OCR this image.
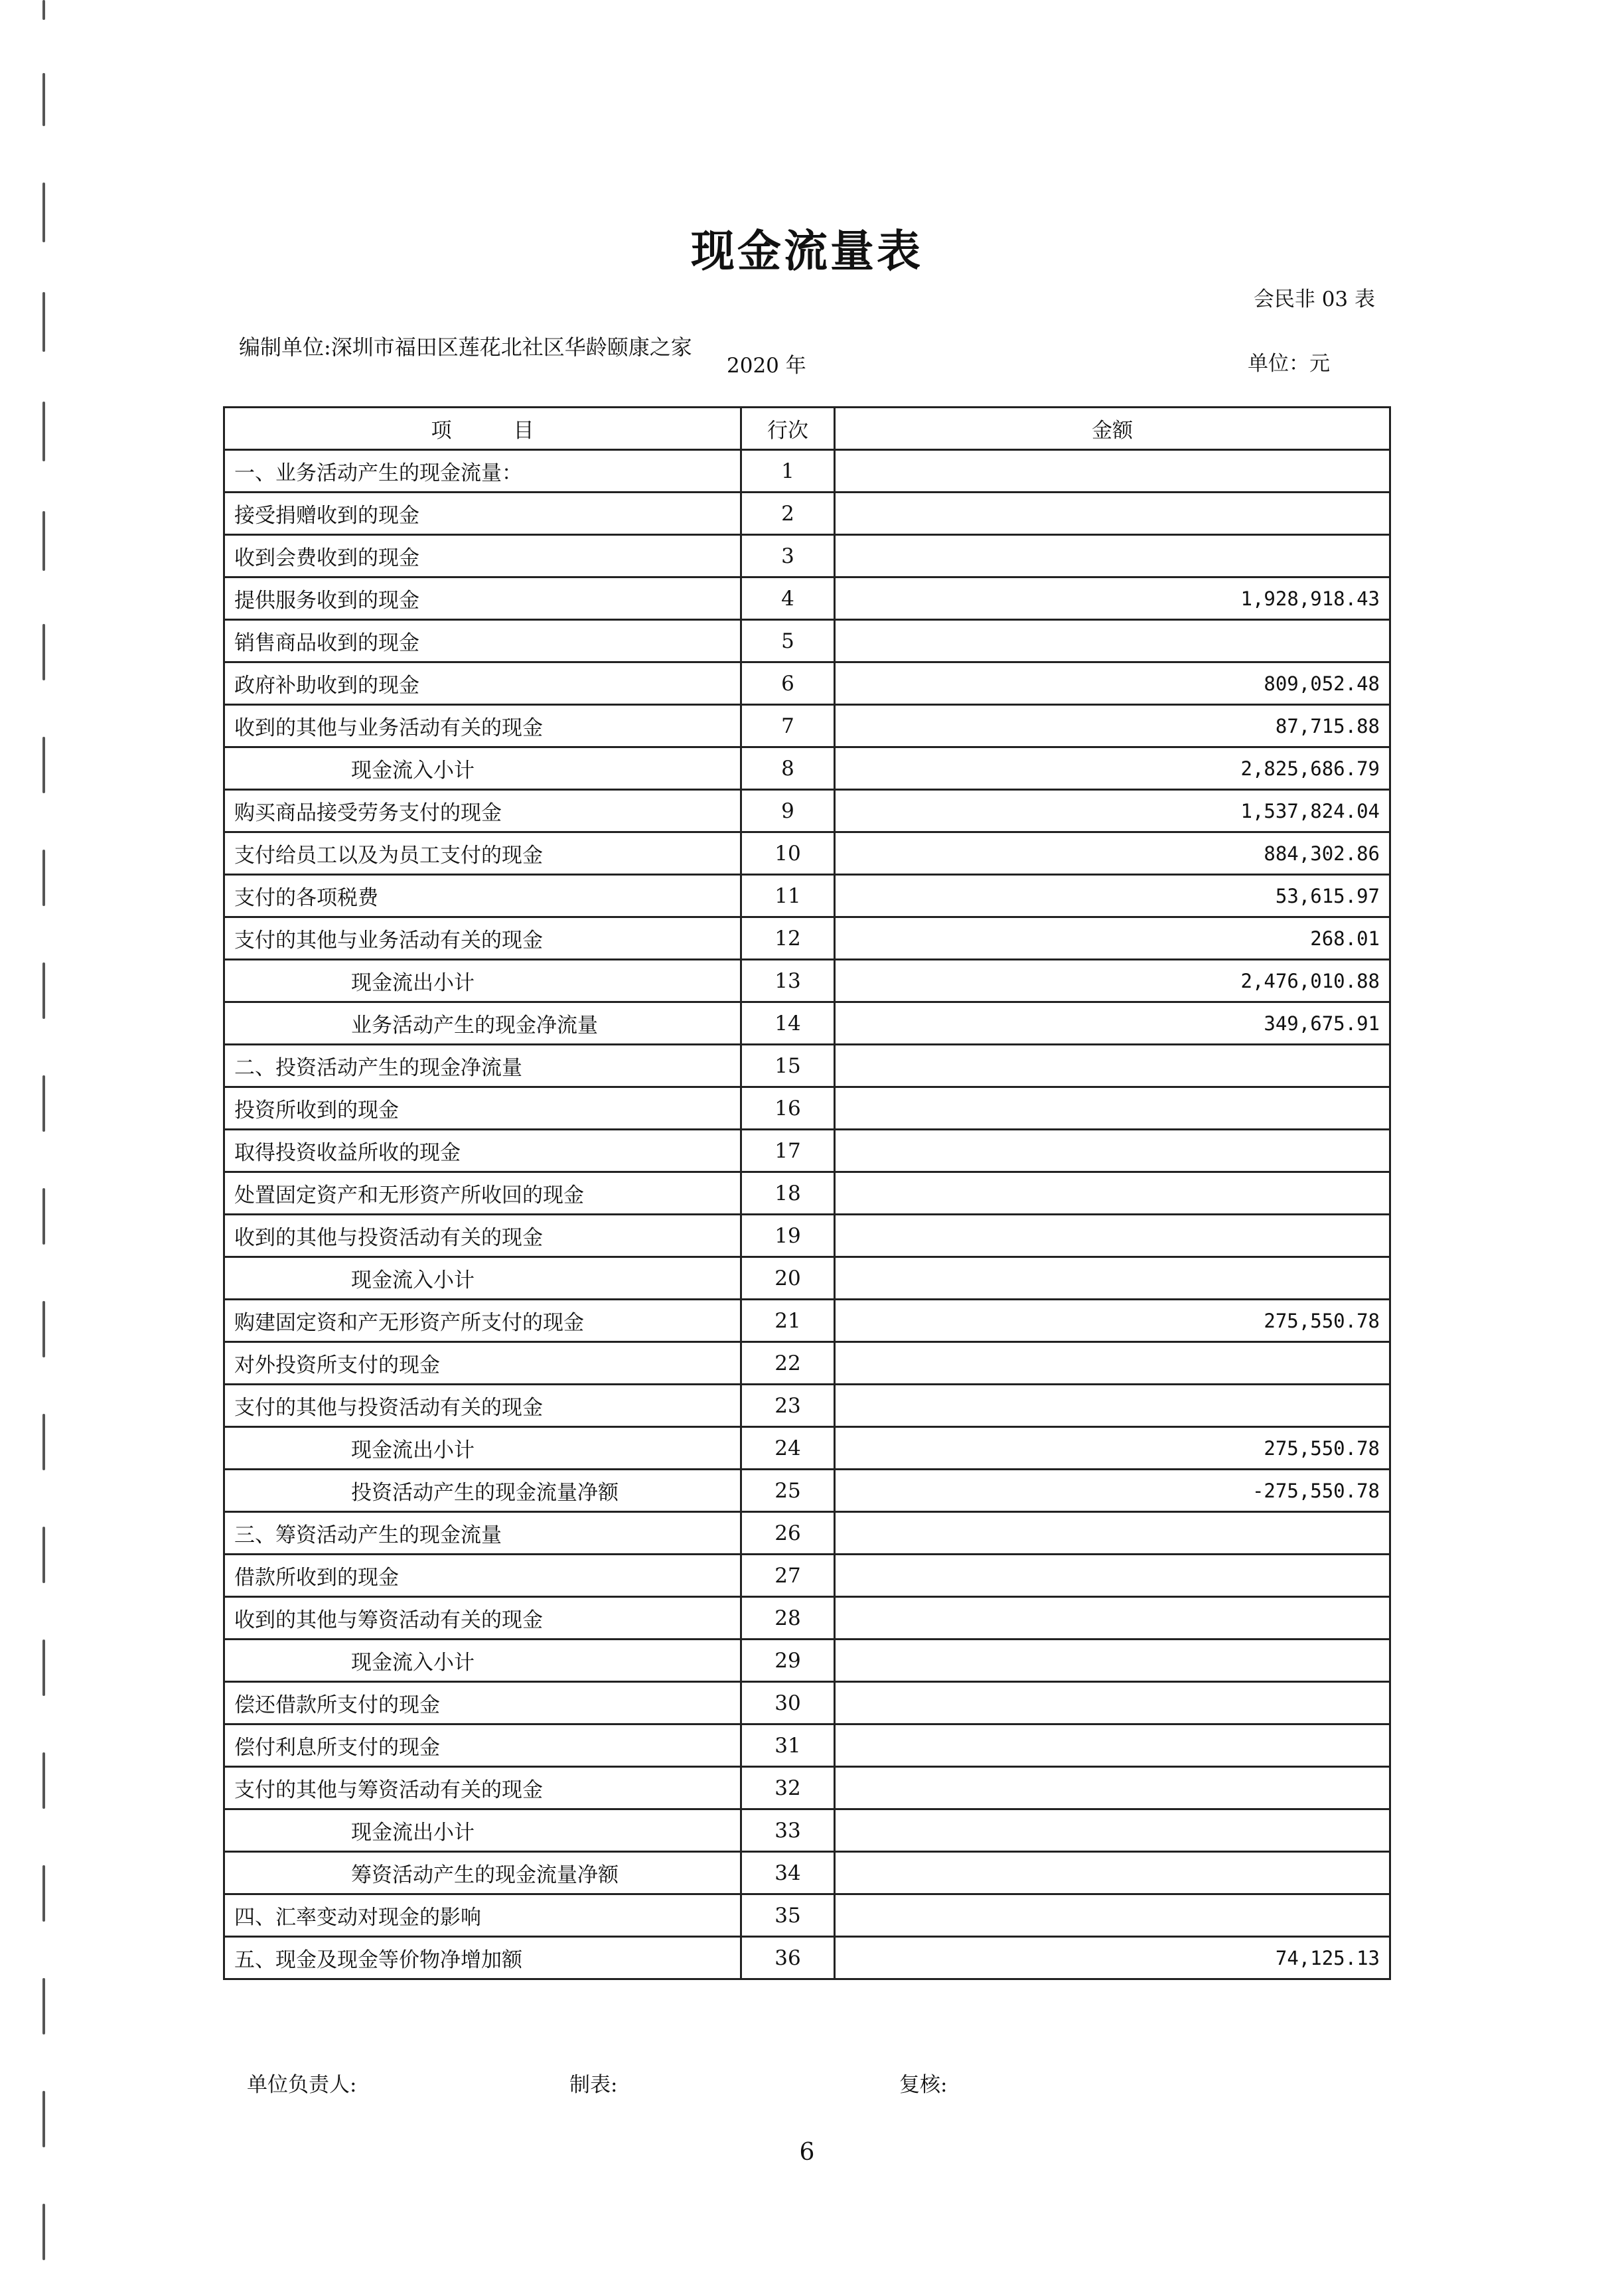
现金流量表
会民非 03 表
编制单位:深圳市福田区莲花北社区华龄颐康之家
2020 年	单位：元
项　　　目	行次	金额
一、业务活动产生的现金流量：	1	
接受捐赠收到的现金	2	
收到会费收到的现金	3	
提供服务收到的现金	4	1,928,918.43
销售商品收到的现金	5	
政府补助收到的现金	6	809,052.48
收到的其他与业务活动有关的现金	7	87,715.88
现金流入小计	8	2,825,686.79
购买商品接受劳务支付的现金	9	1,537,824.04
支付给员工以及为员工支付的现金	10	884,302.86
支付的各项税费	11	53,615.97
支付的其他与业务活动有关的现金	12	268.01
现金流出小计	13	2,476,010.88
业务活动产生的现金净流量	14	349,675.91
二、投资活动产生的现金净流量	15	
投资所收到的现金	16	
取得投资收益所收的现金	17	
处置固定资产和无形资产所收回的现金	18	
收到的其他与投资活动有关的现金	19	
现金流入小计	20	
购建固定资和产无形资产所支付的现金	21	275,550.78
对外投资所支付的现金	22	
支付的其他与投资活动有关的现金	23	
现金流出小计	24	275,550.78
投资活动产生的现金流量净额	25	-275,550.78
三、筹资活动产生的现金流量	26	
借款所收到的现金	27	
收到的其他与筹资活动有关的现金	28	
现金流入小计	29	
偿还借款所支付的现金	30	
偿付利息所支付的现金	31	
支付的其他与筹资活动有关的现金	32	
现金流出小计	33	
筹资活动产生的现金流量净额	34	
四、汇率变动对现金的影响	35	
五、现金及现金等价物净增加额	36	74,125.13
单位负责人:	制表:	复核:
6
